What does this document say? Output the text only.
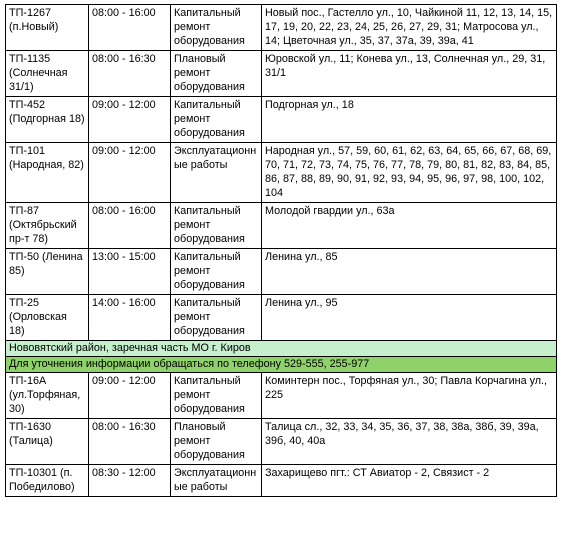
ТП-1267 (п.Новый)	08:00 - 16:00	Капитальный ремонт оборудования	Новый пос., Гастелло ул., 10, Чайкиной 11, 12, 13, 14, 15, 17, 19, 20, 22, 23, 24, 25, 26, 27, 29, 31; Матросова ул., 14; Цветочная ул., 35, 37, 37а, 39, 39а, 41
ТП-1135 (Солнечная 31/1)	08:00 - 16:30	Плановый ремонт оборудования	Юровской ул., 11; Конева ул., 13, Солнечная ул., 29, 31, 31/1
ТП-452 (Подгорная 18)	09:00 - 12:00	Капитальный ремонт оборудования	Подгорная ул., 18
ТП-101 (Народная, 82)	09:00 - 12:00	Эксплуатационные работы	Народная ул., 57, 59, 60, 61, 62, 63, 64, 65, 66, 67, 68, 69, 70, 71, 72, 73, 74, 75, 76, 77, 78, 79, 80, 81, 82, 83, 84, 85, 86, 87, 88, 89, 90, 91, 92, 93, 94, 95, 96, 97, 98, 100, 102, 104
ТП-87 (Октябрьский пр-т 78)	08:00 - 16:00	Капитальный ремонт оборудования	Молодой гвардии ул., 63а
ТП-50 (Ленина 85)	13:00 - 15:00	Капитальный ремонт оборудования	Ленина ул., 85
ТП-25 (Орловская 18)	14:00 - 16:00	Капитальный ремонт оборудования	Ленина ул., 95
Нововятский район, заречная часть МО г. Киров			
Для уточнения информации обращаться по телефону 529-555, 255-977			
ТП-16А (ул.Торфяная, 30)	09:00 - 12:00	Капитальный ремонт оборудования	Коминтерн пос., Торфяная ул., 30; Павла Корчагина ул., 225
ТП-1630 (Талица)	08:00 - 16:30	Плановый ремонт оборудования	Талица сл., 32, 33, 34, 35, 36, 37, 38, 38а, 38б, 39, 39а, 39б, 40, 40а
ТП-10301 (п. Победилово)	08:30 - 12:00	Эксплуатационные работы	Захарищево пгт.: СТ Авиатор - 2, Связист - 2
